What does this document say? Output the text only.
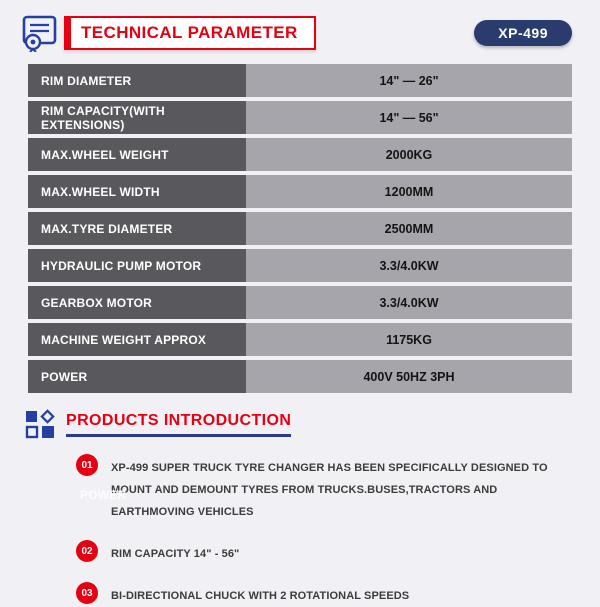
TECHNICAL PARAMETER	XP-499
RIM DIAMETER	14" — 26"
RIM CAPACITY(WITH EXTENSIONS)	14" — 56"
MAX.WHEEL WEIGHT	2000KG
MAX.WHEEL WIDTH	1200MM
MAX.TYRE DIAMETER	2500MM
HYDRAULIC PUMP MOTOR	3.3/4.0KW
GEARBOX MOTOR	3.3/4.0KW
MACHINE WEIGHT APPROX	1175KG
POWER	400V 50HZ 3PH
PRODUCTS INTRODUCTION
01	XP-499 SUPER TRUCK TYRE CHANGER HAS BEEN SPECIFICALLY DESIGNED TO MOUNT AND DEMOUNT TYRES FROM TRUCKS.BUSES,TRACTORS AND EARTHMOVING VEHICLES
02	RIM CAPACITY 14" - 56"
03	BI-DIRECTIONAL CHUCK WITH 2 ROTATIONAL SPEEDS
POWER
